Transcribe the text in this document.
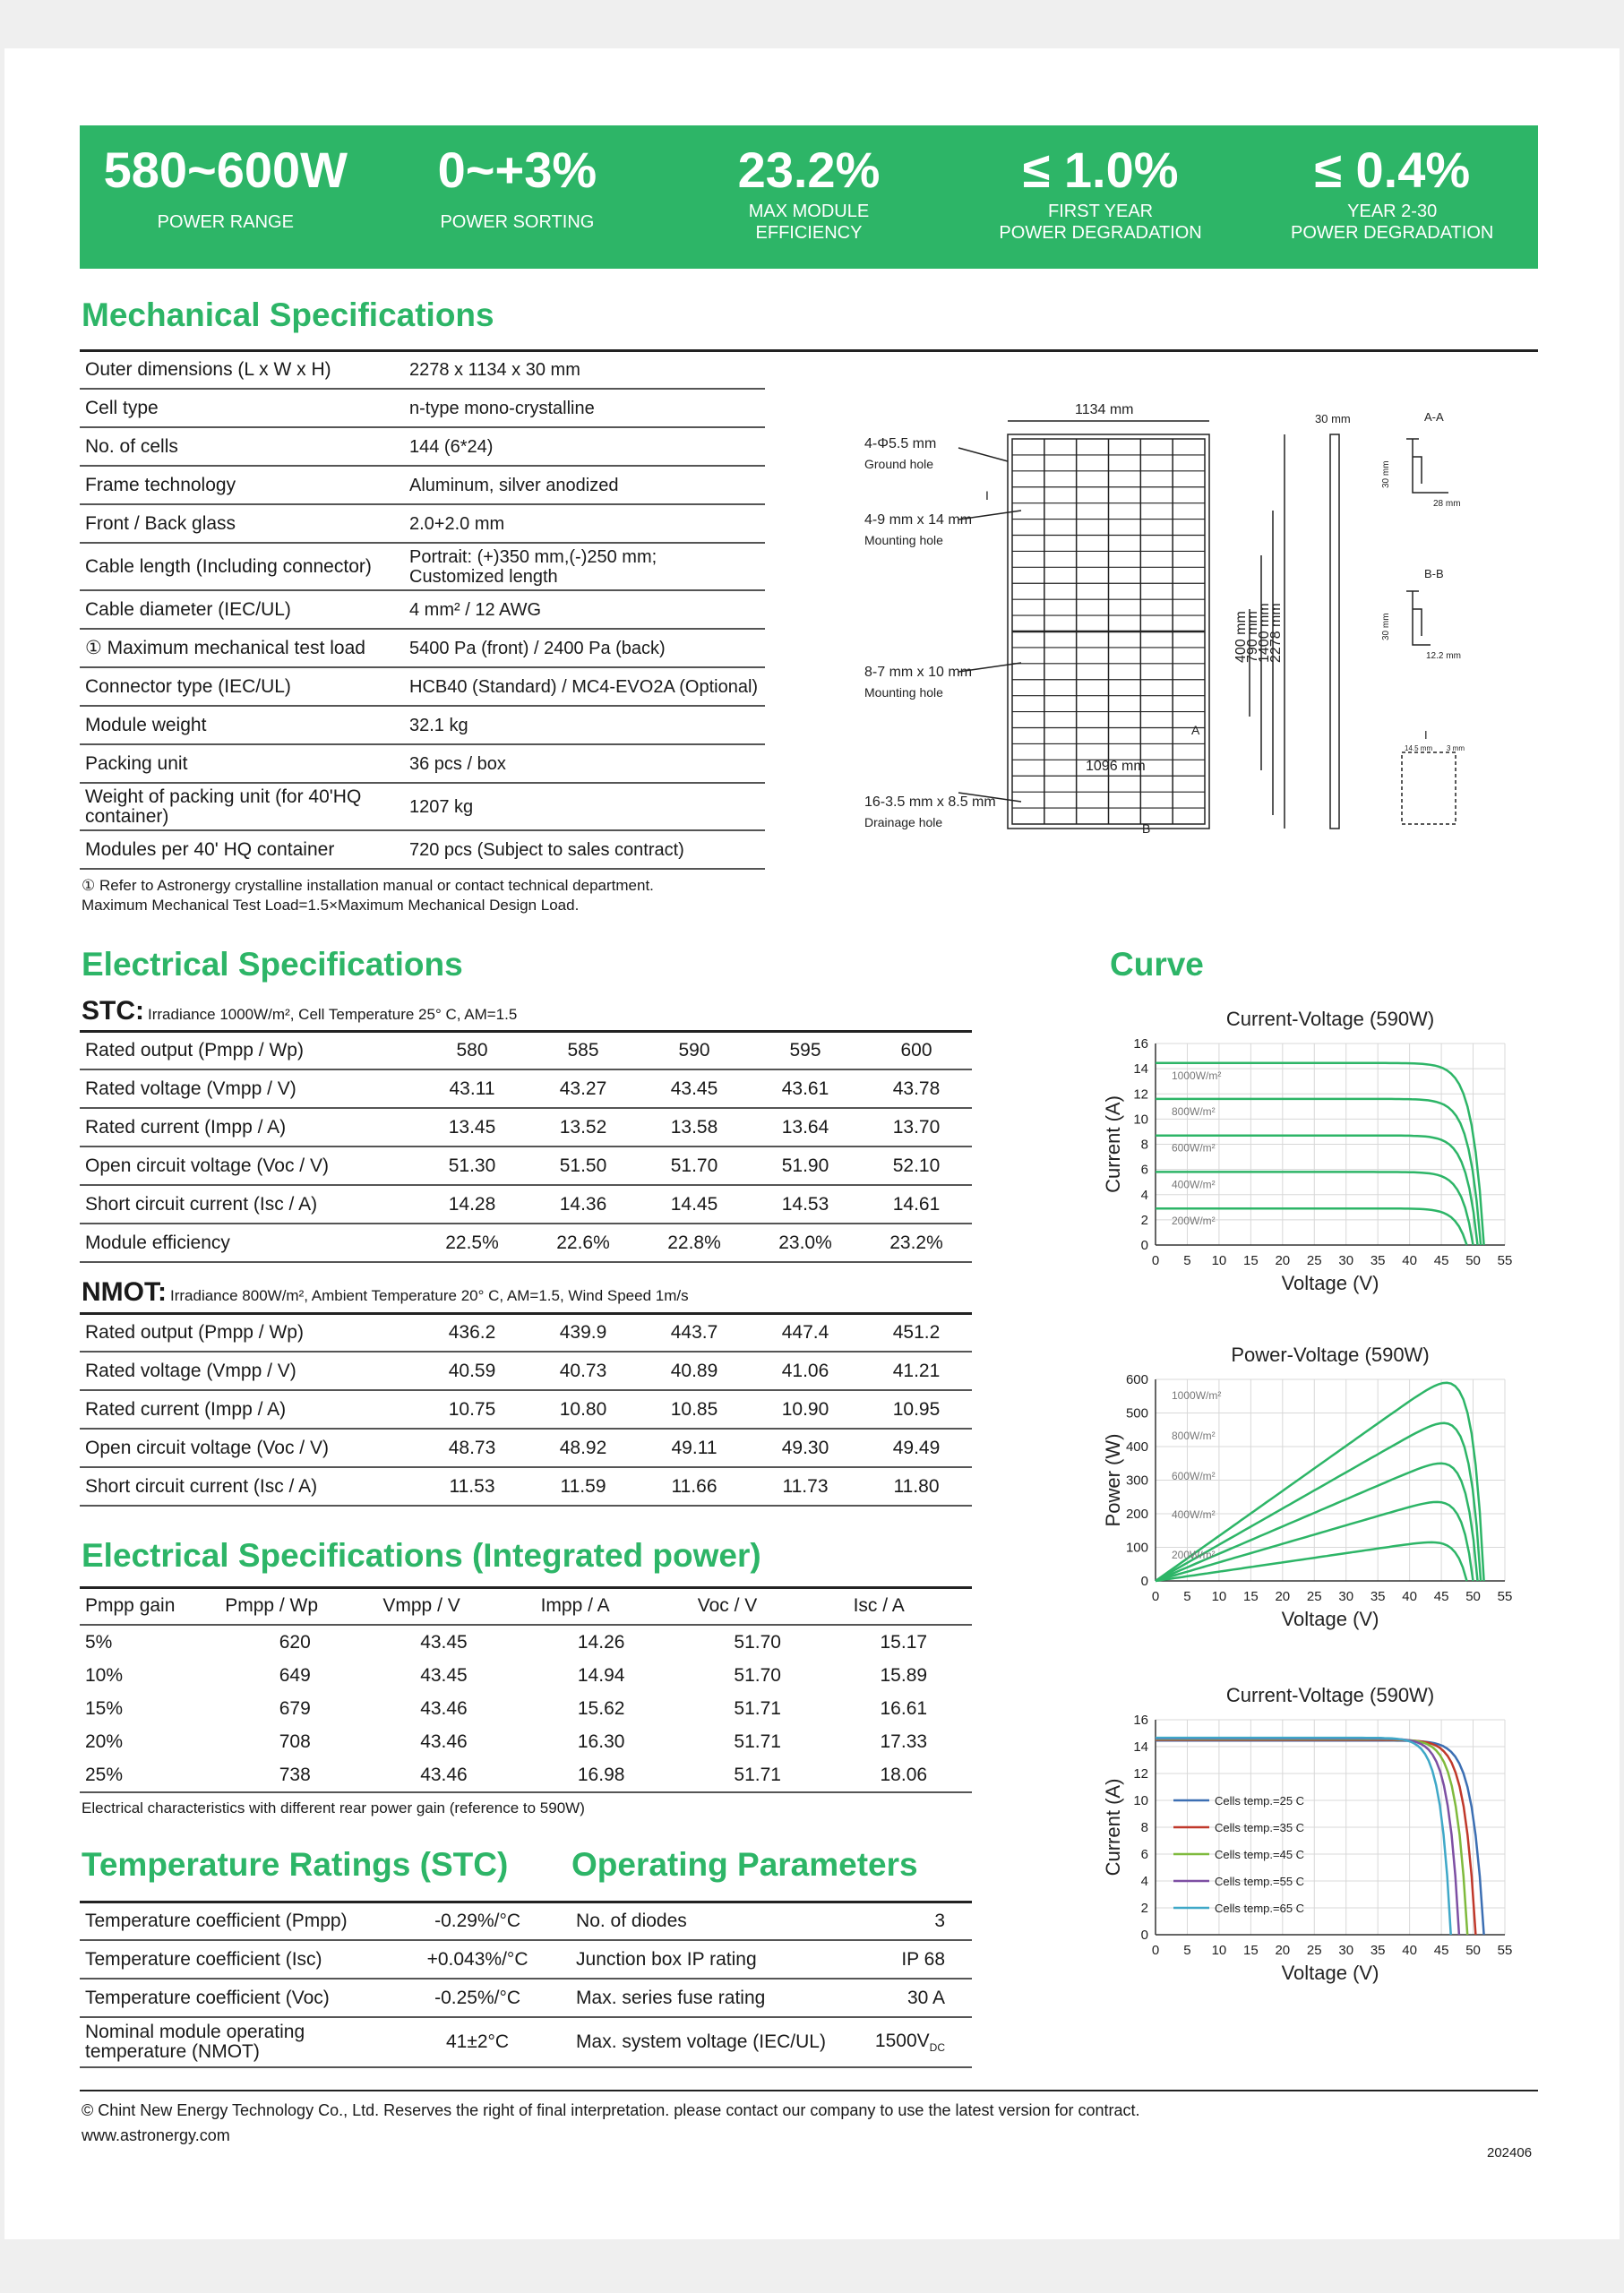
580~600W
POWER RANGE
0~+3%
POWER SORTING
23.2%
MAX MODULE
EFFICIENCY
≤ 1.0%
FIRST YEAR
POWER DEGRADATION
≤ 0.4%
YEAR 2-30
POWER DEGRADATION
Mechanical Specifications
Outer dimensions (L x W x H)	2278 x 1134 x 30 mm
Cell type	n-type mono-crystalline
No. of cells	144 (6*24)
Frame technology	Aluminum, silver anodized
Front / Back glass	2.0+2.0 mm
Cable length (Including connector)	Portrait: (+)350 mm,(-)250 mm;
Customized length
Cable diameter (IEC/UL)	4 mm² / 12 AWG
① Maximum mechanical test load	5400 Pa (front) / 2400 Pa (back)
Connector type (IEC/UL)	HCB40 (Standard) / MC4-EVO2A (Optional)
Module weight	32.1 kg
Packing unit	36 pcs / box
Weight of packing unit (for 40'HQ
container)	1207 kg
Modules per 40' HQ container	720 pcs (Subject to sales contract)
① Refer to Astronergy crystalline installation manual or contact technical department.
Maximum Mechanical Test Load=1.5×Maximum Mechanical Design Load.
1134 mm
30 mm	A-A
B-B
I
4-Φ5.5 mm
Ground hole
4-9 mm x 14 mm
Mounting hole
8-7 mm x 10 mm
Mounting hole
16-3.5 mm x 8.5 mm
Drainage hole
400 mm
790 mm
1400 mm
2278 mm
1096 mm
30 mm
28 mm
30 mm
12.2 mm
14.5 mm 3 mm
A
B
I
Electrical Specifications
STC: Irradiance 1000W/m², Cell Temperature 25° C, AM=1.5
Rated output (Pmpp / Wp)	580	585	590	595	600
Rated voltage (Vmpp / V)	43.11	43.27	43.45	43.61	43.78
Rated current (Impp / A)	13.45	13.52	13.58	13.64	13.70
Open circuit voltage (Voc / V)	51.30	51.50	51.70	51.90	52.10
Short circuit current (Isc / A)	14.28	14.36	14.45	14.53	14.61
Module efficiency	22.5%	22.6%	22.8%	23.0%	23.2%
NMOT: Irradiance 800W/m², Ambient Temperature 20° C, AM=1.5, Wind Speed 1m/s
Rated output (Pmpp / Wp)	436.2	439.9	443.7	447.4	451.2
Rated voltage (Vmpp / V)	40.59	40.73	40.89	41.06	41.21
Rated current (Impp / A)	10.75	10.80	10.85	10.90	10.95
Open circuit voltage (Voc / V)	48.73	48.92	49.11	49.30	49.49
Short circuit current (Isc / A)	11.53	11.59	11.66	11.73	11.80
Electrical Specifications (Integrated power)
Pmpp gain	Pmpp / Wp	Vmpp / V	Impp / A	Voc / V	Isc / A
5%	620	43.45	14.26	51.70	15.17
10%	649	43.45	14.94	51.70	15.89
15%	679	43.46	15.62	51.71	16.61
20%	708	43.46	16.30	51.71	17.33
25%	738	43.46	16.98	51.71	18.06
Electrical characteristics with different rear power gain (reference to 590W)
Temperature Ratings (STC) Operating Parameters
Temperature coefficient (Pmpp)	-0.29%/°C	No. of diodes	3
Temperature coefficient (Isc)	+0.043%/°C	Junction box IP rating	IP 68
Temperature coefficient (Voc)	-0.25%/°C	Max. series fuse rating	30 A
Nominal module operating
temperature (NMOT)	41±2°C	Max. system voltage (IEC/UL)	$1500V_{DC}$
Curve
Current-Voltage (590W)
0 5 10 15 20 25 30 35 40 45 50 55
0
2
4
6
8
10
12
14
16
Voltage (V)
Current (A)
1000W/m²
800W/m²
600W/m²
400W/m²
200W/m²
Power-Voltage (590W)
0 5 10 15 20 25 30 35 40 45 50 55
0
100
200
300
400
500
600
Voltage (V)
Power (W)
1000W/m²
800W/m²
600W/m²
400W/m²
200W/m²
Current-Voltage (590W)
0 5 10 15 20 25 30 35 40 45 50 55
0
2
4
6
8
10
12
14
16
Voltage (V)
Current (A)	Cells temp.=25 C
Cells temp.=35 C
Cells temp.=45 C
Cells temp.=55 C
Cells temp.=65 C
© Chint New Energy Technology Co., Ltd. Reserves the right of final interpretation. please contact our company to use the latest version for contract.
www.astronergy.com
202406
